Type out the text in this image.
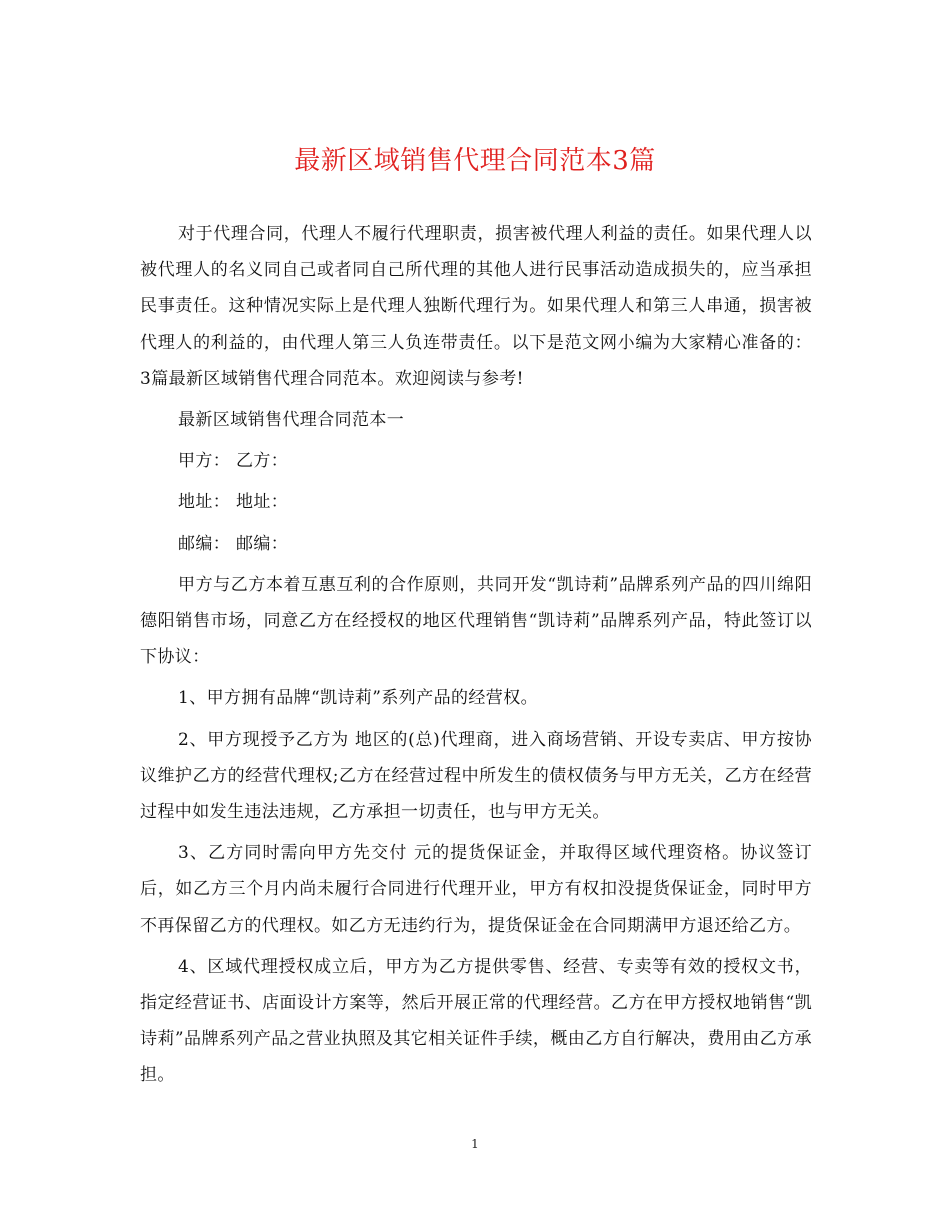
最新区域销售代理合同范本3篇

对于代理合同，代理人不履行代理职责，损害被代理人利益的责任。如果代理人以被代理人的名义同自己或者同自己所代理的其他人进行民事活动造成损失的，应当承担民事责任。这种情况实际上是代理人独断代理行为。如果代理人和第三人串通，损害被代理人的利益的，由代理人第三人负连带责任。以下是范文网小编为大家精心准备的：3篇最新区域销售代理合同范本。欢迎阅读与参考!

最新区域销售代理合同范本一

甲方： 乙方：

地址： 地址：

邮编： 邮编：

甲方与乙方本着互惠互利的合作原则，共同开发“凯诗莉”品牌系列产品的四川绵阳德阳销售市场，同意乙方在经授权的地区代理销售“凯诗莉”品牌系列产品，特此签订以下协议：

1、甲方拥有品牌“凯诗莉”系列产品的经营权。

2、甲方现授予乙方为 地区的(总)代理商，进入商场营销、开设专卖店、甲方按协议维护乙方的经营代理权;乙方在经营过程中所发生的债权债务与甲方无关，乙方在经营过程中如发生违法违规，乙方承担一切责任，也与甲方无关。

3、乙方同时需向甲方先交付 元的提货保证金，并取得区域代理资格。协议签订后，如乙方三个月内尚未履行合同进行代理开业，甲方有权扣没提货保证金，同时甲方不再保留乙方的代理权。如乙方无违约行为，提货保证金在合同期满甲方退还给乙方。

4、区域代理授权成立后，甲方为乙方提供零售、经营、专卖等有效的授权文书，指定经营证书、店面设计方案等，然后开展正常的代理经营。乙方在甲方授权地销售“凯诗莉”品牌系列产品之营业执照及其它相关证件手续，概由乙方自行解决，费用由乙方承担。

1
